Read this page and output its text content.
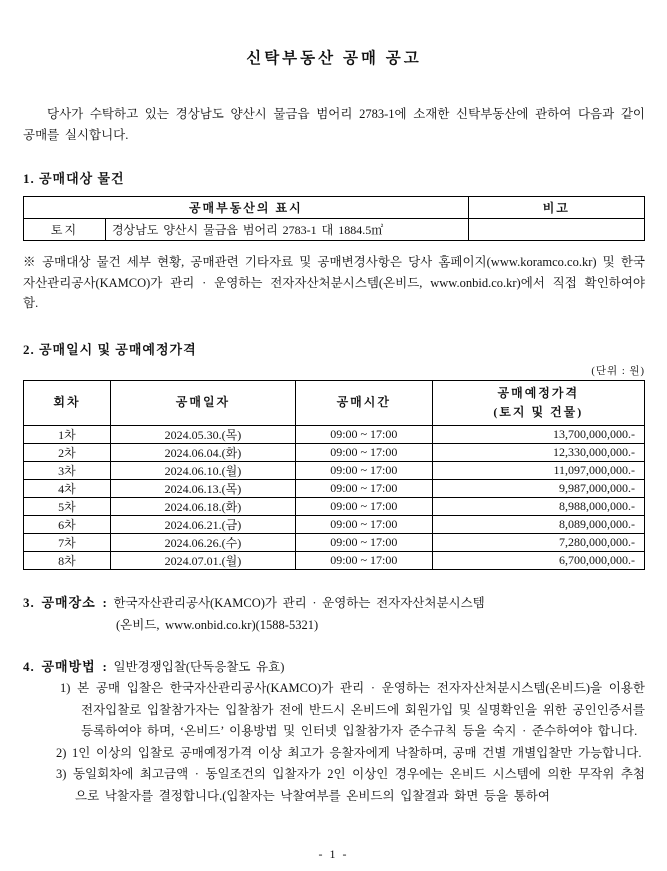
신탁부동산 공매 공고

당사가 수탁하고 있는 경상남도 양산시 물금읍 범어리 2783-1에 소재한 신탁부동산에 관하여 다음과 같이 공매를 실시합니다.

1. 공매대상 물건
공매부동산의 표시		비고
토지	경상남도 양산시 물금읍 범어리 2783-1 대 1884.5㎡	

※ 공매대상 물건 세부 현황, 공매관련 기타자료 및 공매변경사항은 당사 홈페이지(www.koramco.co.kr) 및 한국자산관리공사(KAMCO)가 관리 · 운영하는 전자자산처분시스템(온비드, www.onbid.co.kr)에서 직접 확인하여야 함.

2. 공매일시 및 공매예정가격
(단위 : 원)
회차	공매일자	공매시간	공매예정가격
(토지 및 건물)

1차	2024.05.30.(목)	09:00 ~ 17:00	13,700,000,000.-
2차	2024.06.04.(화)	09:00 ~ 17:00	12,330,000,000.-
3차	2024.06.10.(월)	09:00 ~ 17:00	11,097,000,000.-
4차	2024.06.13.(목)	09:00 ~ 17:00	9,987,000,000.-
5차	2024.06.18.(화)	09:00 ~ 17:00	8,988,000,000.-
6차	2024.06.21.(금)	09:00 ~ 17:00	8,089,000,000.-
7차	2024.06.26.(수)	09:00 ~ 17:00	7,280,000,000.-
8차	2024.07.01.(월)	09:00 ~ 17:00	6,700,000,000.-
3. 공매장소 : 한국자산관리공사(KAMCO)가 관리 · 운영하는 전자자산처분시스템
(온비드, www.onbid.co.kr)(1588-5321)
4. 공매방법 : 일반경쟁입찰(단독응찰도 유효)
1) 본 공매 입찰은 한국자산관리공사(KAMCO)가 관리 · 운영하는 전자자산처분시스템(온비드)을 이용한 전자입찰로 입찰참가자는 입찰참가 전에 반드시 온비드에 회원가입 및 실명확인을 위한 공인인증서를 등록하여야 하며, ‘온비드’ 이용방법 및 인터넷 입찰참가자 준수규칙 등을 숙지 · 준수하여야 합니다.
2) 1인 이상의 입찰로 공매예정가격 이상 최고가 응찰자에게 낙찰하며, 공매 건별 개별입찰만 가능합니다.
3) 동일회차에 최고금액 · 동일조건의 입찰자가 2인 이상인 경우에는 온비드 시스템에 의한 무작위 추첨으로 낙찰자를 결정합니다.(입찰자는 낙찰여부를 온비드의 입찰결과 화면 등을 통하여
- 1 -
